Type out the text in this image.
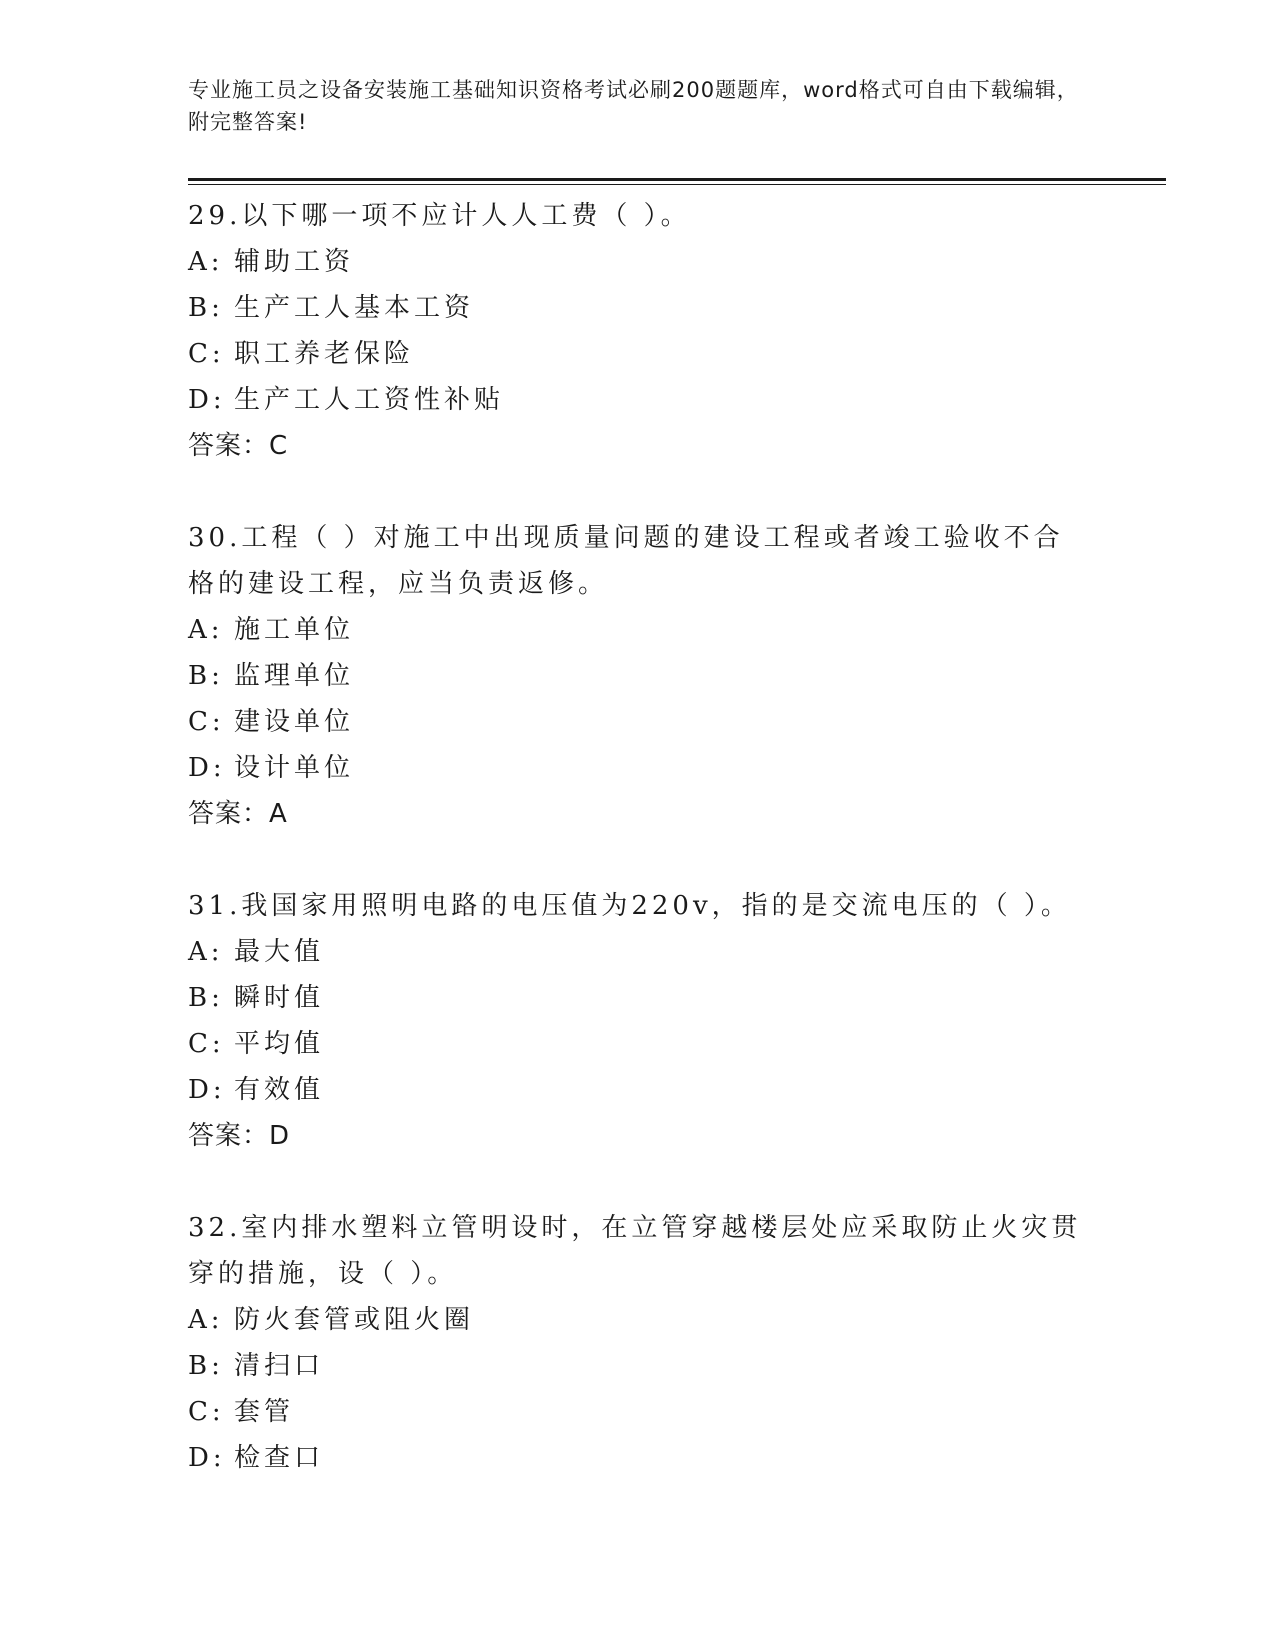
专业施工员之设备安装施工基础知识资格考试必刷200题题库，word格式可自由下载编辑，附完整答案!
29.以下哪一项不应计人人工费（ ）。
A: 辅助工资
B: 生产工人基本工资
C: 职工养老保险
D: 生产工人工资性补贴
答案：C
30.工程（ ）对施工中出现质量问题的建设工程或者竣工验收不合格的建设工程，应当负责返修。
A: 施工单位
B: 监理单位
C: 建设单位
D: 设计单位
答案：A
31.我国家用照明电路的电压值为220v，指的是交流电压的（ ）。
A: 最大值
B: 瞬时值
C: 平均值
D: 有效值
答案：D
32.室内排水塑料立管明设时，在立管穿越楼层处应采取防止火灾贯穿的措施，设（ ）。
A: 防火套管或阻火圈
B: 清扫口
C: 套管
D: 检查口
